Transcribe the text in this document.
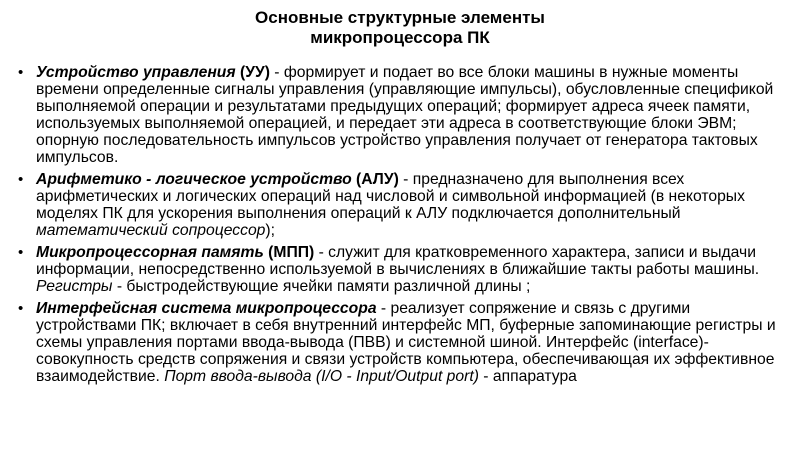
Основные структурные элементы
микропроцессора ПК
• Устройство управления (УУ) - формирует и подает во все блоки машины в нужные моменты времени определенные сигналы управления (управляющие импульсы), обусловленные спецификой выполняемой операции и результатами предыдущих операций; формирует адреса ячеек памяти, используемых выполняемой операцией, и передает эти адреса в соответствующие блоки ЭВМ; опорную последовательность импульсов устройство управления получает от генератора тактовых импульсов.
• Арифметико - логическое устройство (АЛУ) - предназначено для выполнения всех арифметических и логических операций над числовой и символьной информацией (в некоторых моделях ПК для ускорения выполнения операций к АЛУ подключается дополнительный математический сопроцессор);
• Микропроцессорная память (МПП) - служит для кратковременного характера, записи и выдачи информации, непосредственно используемой в вычислениях в ближайшие такты работы машины. Регистры - быстродействующие ячейки памяти различной длины ;
• Интерфейсная система микропроцессора - реализует сопряжение и связь с другими устройствами ПК; включает в себя внутренний интерфейс МП, буферные запоминающие регистры и схемы управления портами ввода-вывода (ПВВ) и системной шиной. Интерфейс (interface)- совокупность средств сопряжения и связи устройств компьютера, обеспечивающая их эффективное взаимодействие. Порт ввода-вывода (I/O - Input/Output port) - аппаратура
